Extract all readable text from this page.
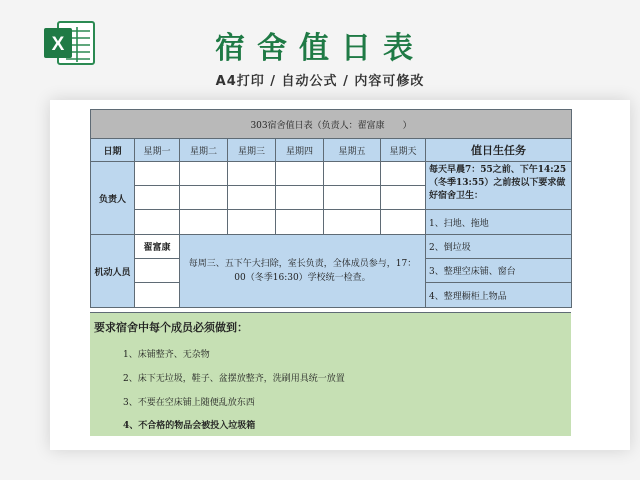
X	宿舍值日表
A4打印 / 自动公式 / 内容可修改
303宿舍值日表（负责人：翟富康　　）							
日期	星期一	星期二	星期三	星期四	星期五	星期天	值日生任务
负责人							每天早晨7：55之前、下午14:25（冬季13:55）之前按以下要求做好宿舍卫生：

							1、扫地、拖地
机动人员	翟富康	每周三、五下午大扫除，室长负责，全体成员参与，17：00（冬季16:30）学校统一检查。					2、倒垃圾
							3、整理空床铺、窗台
							4、整理橱柜上物品
要求宿舍中每个成员必须做到：
1、床铺整齐、无杂物
2、床下无垃圾，鞋子、盆摆放整齐，洗刷用具统一放置
3、不要在空床铺上随便乱放东西
4、不合格的物品会被投入垃圾箱
